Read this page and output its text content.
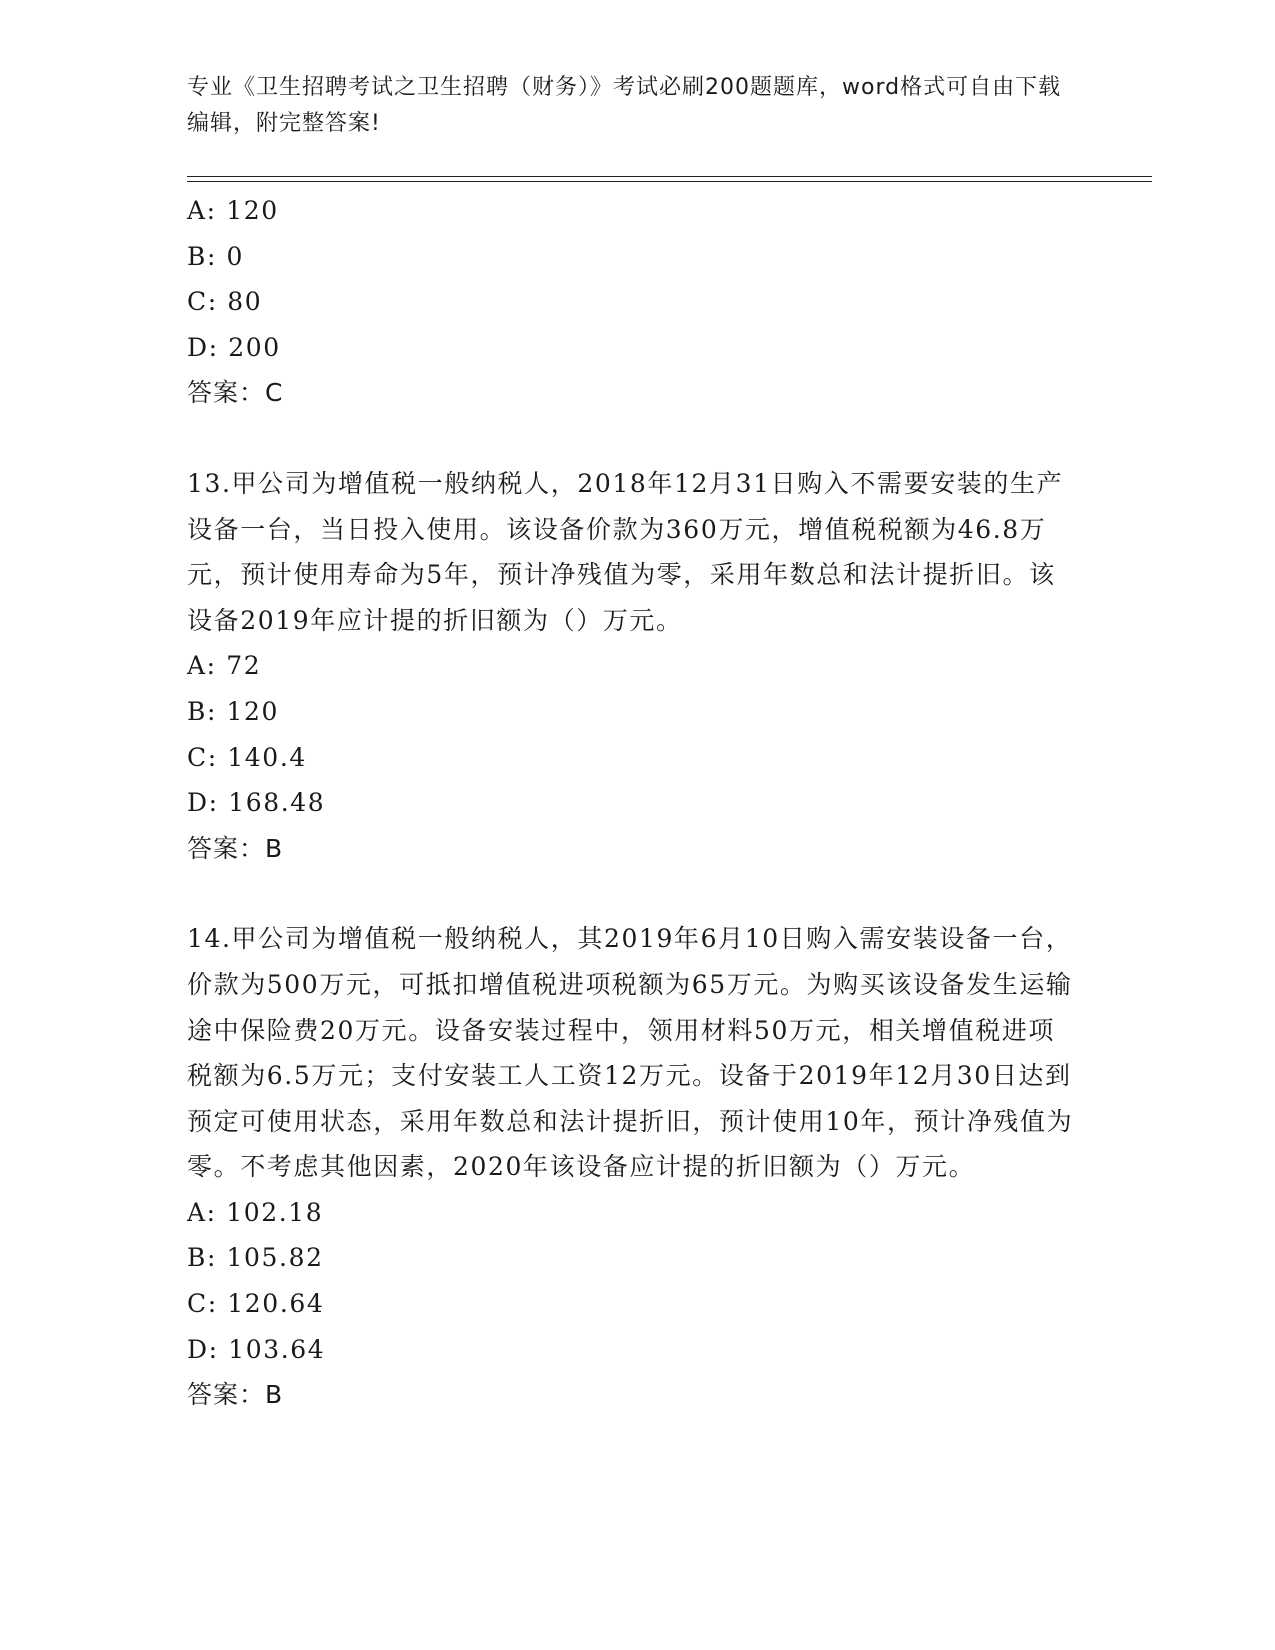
专业《卫生招聘考试之卫生招聘（财务）》考试必刷200题题库，word格式可自由下载编辑，附完整答案!
A: 120
B: 0
C: 80
D: 200
答案：C
13.甲公司为增值税一般纳税人，2018年12月31日购入不需要安装的生产设备一台，当日投入使用。该设备价款为360万元，增值税税额为46.8万元，预计使用寿命为5年，预计净残值为零，采用年数总和法计提折旧。该设备2019年应计提的折旧额为（）万元。
A: 72
B: 120
C: 140.4
D: 168.48
答案：B
14.甲公司为增值税一般纳税人，其2019年6月10日购入需安装设备一台，价款为500万元，可抵扣增值税进项税额为65万元。为购买该设备发生运输途中保险费20万元。设备安装过程中，领用材料50万元，相关增值税进项税额为6.5万元；支付安装工人工资12万元。设备于2019年12月30日达到预定可使用状态，采用年数总和法计提折旧，预计使用10年，预计净残值为零。不考虑其他因素，2020年该设备应计提的折旧额为（）万元。
A: 102.18
B: 105.82
C: 120.64
D: 103.64
答案：B
